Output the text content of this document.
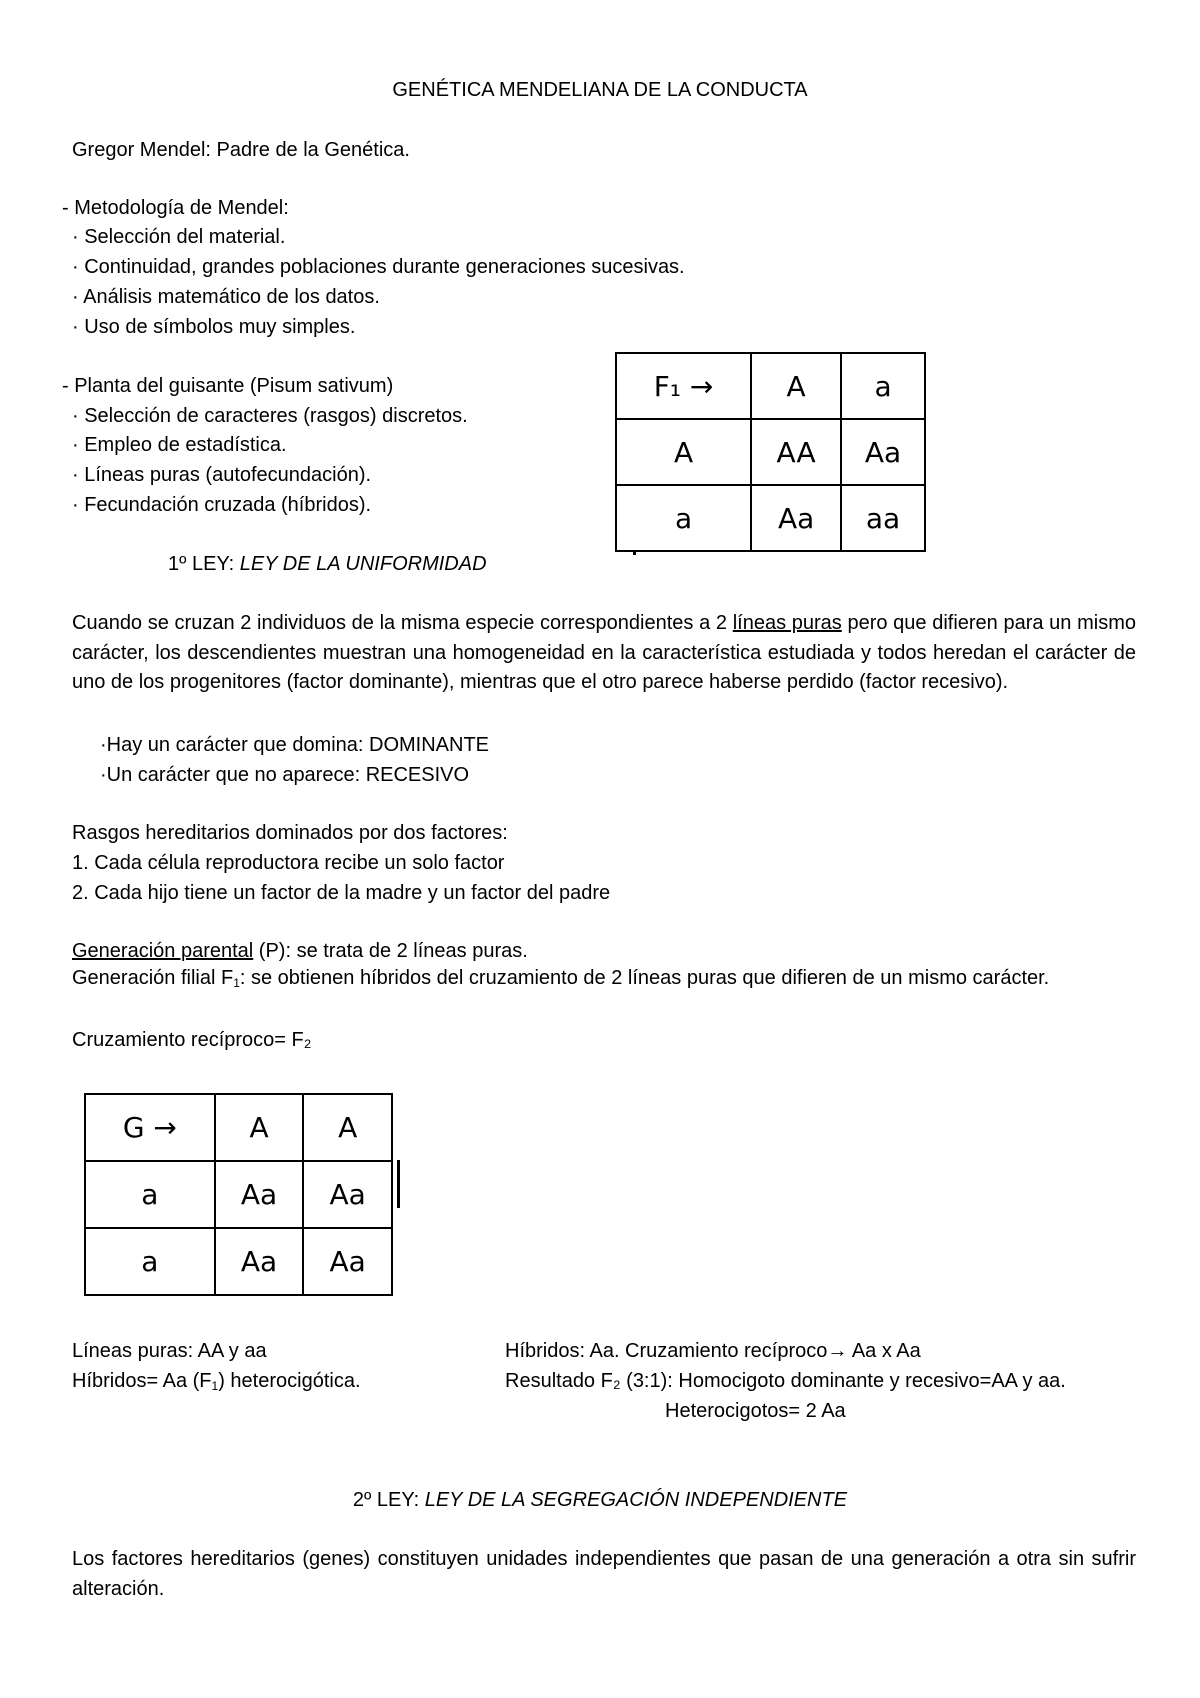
GENÉTICA MENDELIANA DE LA CONDUCTA
Gregor Mendel: Padre de la Genética.
- Metodología de Mendel:
· Selección del material.
· Continuidad, grandes poblaciones durante generaciones sucesivas.
· Análisis matemático de los datos.
· Uso de símbolos muy simples.
- Planta del guisante (Pisum sativum)
· Selección de caracteres (rasgos) discretos.
· Empleo de estadística.
· Líneas puras (autofecundación).
· Fecundación cruzada (híbridos).
F₁ →	A	a
A	AA	Aa
a	Aa	aa
1º LEY: LEY DE LA UNIFORMIDAD
Cuando se cruzan 2 individuos de la misma especie correspondientes a 2 líneas puras pero que difieren para un mismo carácter, los descendientes muestran una homogeneidad en la característica estudiada y todos heredan el carácter de uno de los progenitores (factor dominante), mientras que el otro parece haberse perdido (factor recesivo).
·Hay un carácter que domina: DOMINANTE
·Un carácter que no aparece: RECESIVO
Rasgos hereditarios dominados por dos factores:
1. Cada célula reproductora recibe un solo factor
2. Cada hijo tiene un factor de la madre y un factor del padre
Generación parental (P): se trata de 2 líneas puras.
Generación filial $F_1$: se obtienen híbridos del cruzamiento de 2 líneas puras que difieren de un mismo carácter.
Cruzamiento recíproco= F₂
G →	A	A
a	Aa	Aa
a	Aa	Aa
Líneas puras: AA y aa
Híbridos= Aa $(F_1)$ heterocigótica.
Híbridos: Aa. Cruzamiento recíproco→ Aa x Aa
Resultado F₂ (3:1): Homocigoto dominante y recesivo=AA y aa.
Heterocigotos= 2 Aa
2º LEY: LEY DE LA SEGREGACIÓN INDEPENDIENTE
Los factores hereditarios (genes) constituyen unidades independientes que pasan de una generación a otra sin sufrir alteración.
